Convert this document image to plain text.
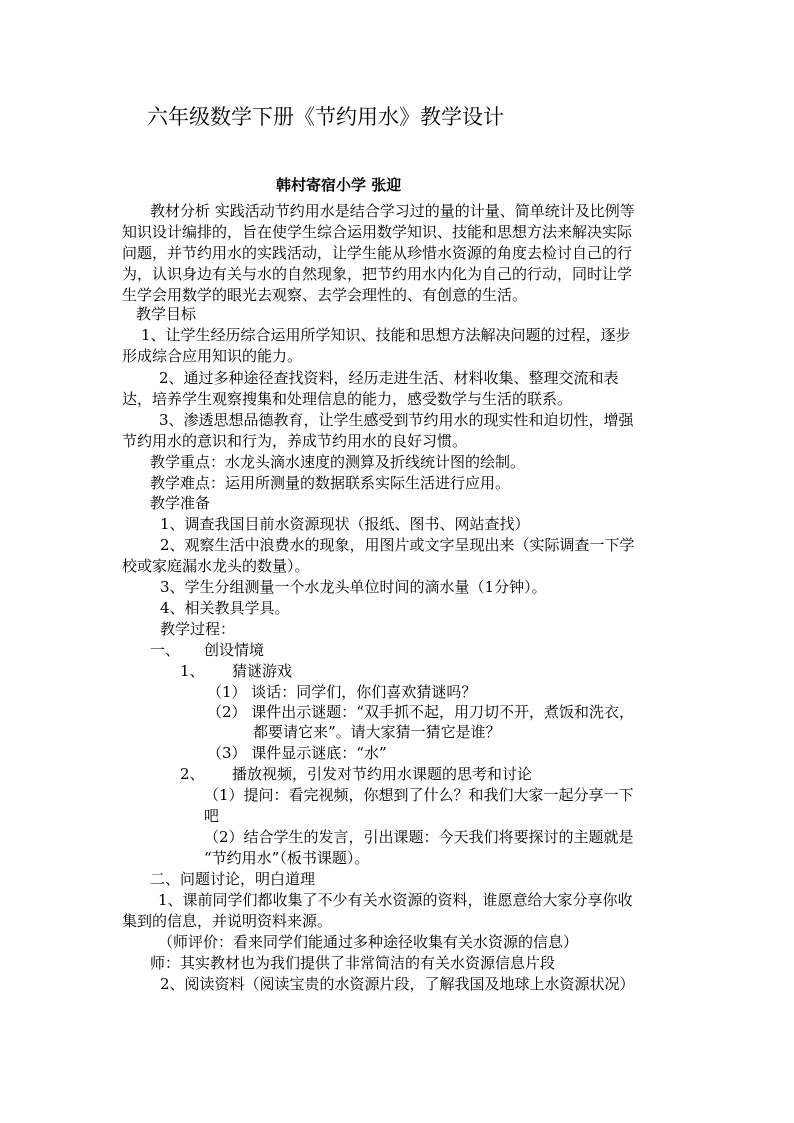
六年级数学下册《节约用水》教学设计
韩村寄宿小学 张迎
教材分析 实践活动节约用水是结合学习过的量的计量、简单统计及比例等
知识设计编排的，旨在使学生综合运用数学知识、技能和思想方法来解决实际
问题，并节约用水的实践活动，让学生能从珍惜水资源的角度去检讨自己的行
为，认识身边有关与水的自然现象，把节约用水内化为自己的行动，同时让学
生学会用数学的眼光去观察、去学会理性的、有创意的生活。
教学目标
1、让学生经历综合运用所学知识、技能和思想方法解决问题的过程，逐步
形成综合应用知识的能力。
2、通过多种途径查找资料，经历走进生活、材料收集、整理交流和表
达，培养学生观察搜集和处理信息的能力，感受数学与生活的联系。
3、渗透思想品德教育，让学生感受到节约用水的现实性和迫切性，增强
节约用水的意识和行为，养成节约用水的良好习惯。
教学重点：水龙头滴水速度的测算及折线统计图的绘制。
教学难点：运用所测量的数据联系实际生活进行应用。
教学准备
1、调查我国目前水资源现状（报纸、图书、网站查找）
2、观察生活中浪费水的现象，用图片或文字呈现出来（实际调查一下学
校或家庭漏水龙头的数量）。
3、学生分组测量一个水龙头单位时间的滴水量（1分钟）。
4、相关教具学具。
教学过程：
一、 创设情境
1、 猜谜游戏
（1） 谈话：同学们，你们喜欢猜谜吗？
（2） 课件出示谜题：“双手抓不起，用刀切不开，煮饭和洗衣，
都要请它来”。请大家猜一猜它是谁？
（3） 课件显示谜底：“水”
2、 播放视频，引发对节约用水课题的思考和讨论
（1）提问：看完视频，你想到了什么？和我们大家一起分享一下
吧
（2）结合学生的发言，引出课题：今天我们将要探讨的主题就是
“节约用水”（板书课题）。
二、问题讨论，明白道理
1、课前同学们都收集了不少有关水资源的资料，谁愿意给大家分享你收
集到的信息，并说明资料来源。
（师评价：看来同学们能通过多种途径收集有关水资源的信息）
师：其实教材也为我们提供了非常简洁的有关水资源信息片段
2、阅读资料（阅读宝贵的水资源片段，了解我国及地球上水资源状况）
